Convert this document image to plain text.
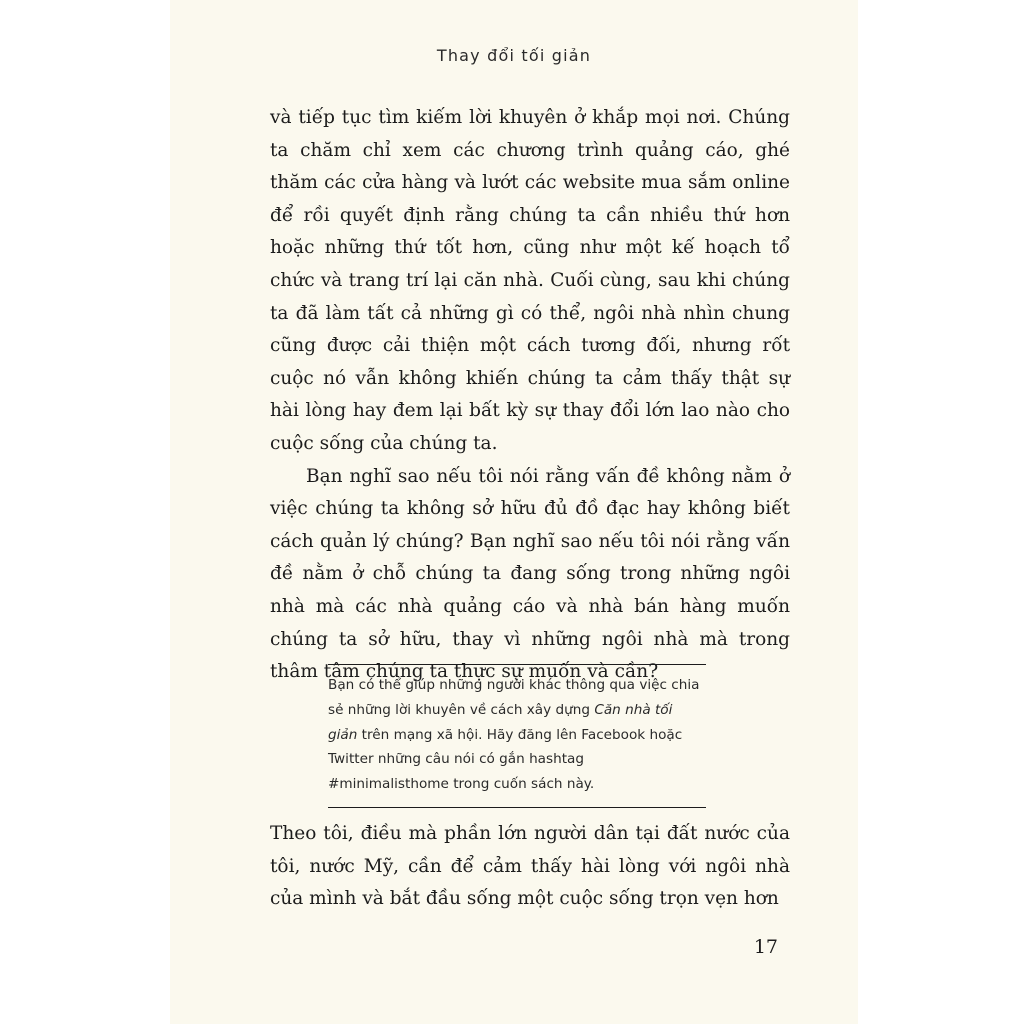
Thay đổi tối giản

và tiếp tục tìm kiếm lời khuyên ở khắp mọi nơi. Chúng ta chăm chỉ xem các chương trình quảng cáo, ghé thăm các cửa hàng và lướt các website mua sắm online để rồi quyết định rằng chúng ta cần nhiều thứ hơn hoặc những thứ tốt hơn, cũng như một kế hoạch tổ chức và trang trí lại căn nhà. Cuối cùng, sau khi chúng ta đã làm tất cả những gì có thể, ngôi nhà nhìn chung cũng được cải thiện một cách tương đối, nhưng rốt cuộc nó vẫn không khiến chúng ta cảm thấy thật sự hài lòng hay đem lại bất kỳ sự thay đổi lớn lao nào cho cuộc sống của chúng ta.

Bạn nghĩ sao nếu tôi nói rằng vấn đề không nằm ở việc chúng ta không sở hữu đủ đồ đạc hay không biết cách quản lý chúng? Bạn nghĩ sao nếu tôi nói rằng vấn đề nằm ở chỗ chúng ta đang sống trong những ngôi nhà mà các nhà quảng cáo và nhà bán hàng muốn chúng ta sở hữu, thay vì những ngôi nhà mà trong thâm tâm chúng ta thực sự muốn và cần?

Bạn có thể giúp những người khác thông qua việc chia sẻ những lời khuyên về cách xây dựng Căn nhà tối giản trên mạng xã hội. Hãy đăng lên Facebook hoặc Twitter những câu nói có gắn hashtag #minimalisthome trong cuốn sách này.

Theo tôi, điều mà phần lớn người dân tại đất nước của tôi, nước Mỹ, cần để cảm thấy hài lòng với ngôi nhà của mình và bắt đầu sống một cuộc sống trọn vẹn hơn

17
